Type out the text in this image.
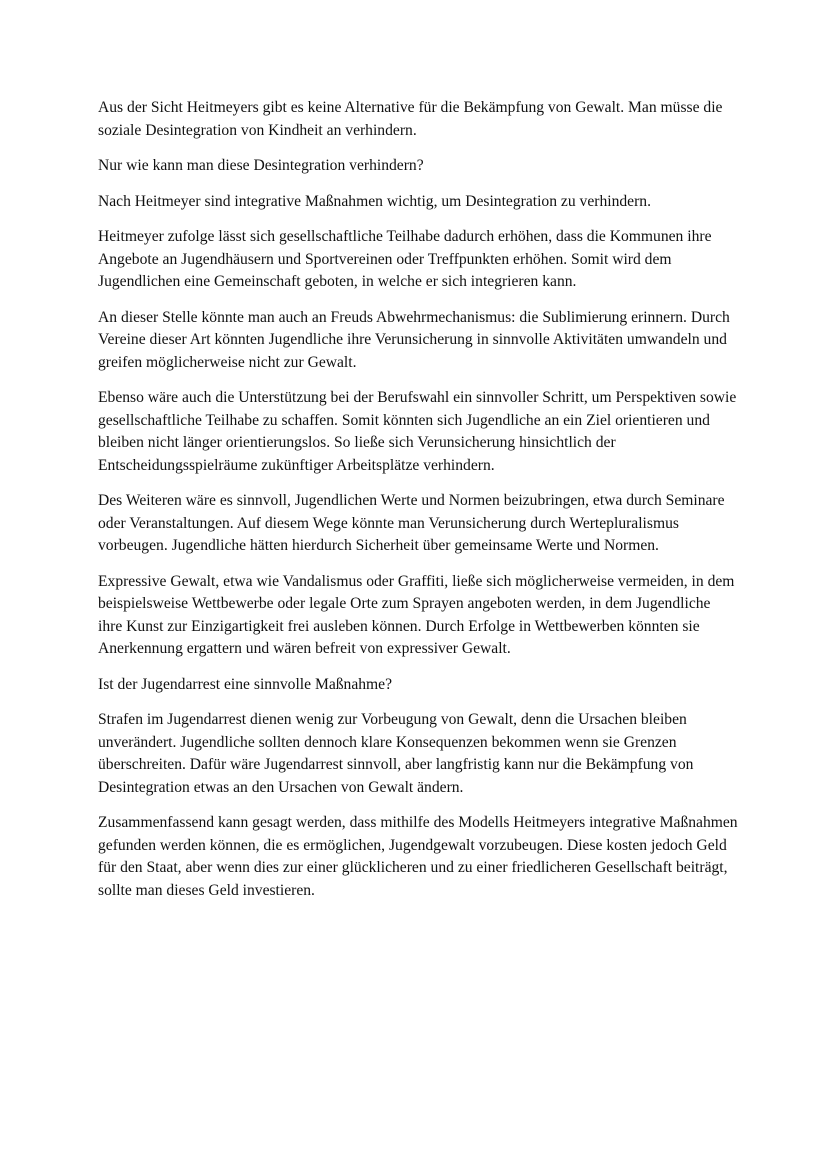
Aus der Sicht Heitmeyers gibt es keine Alternative für die Bekämpfung von Gewalt. Man müsse die soziale Desintegration von Kindheit an verhindern.

Nur wie kann man diese Desintegration verhindern?

Nach Heitmeyer sind integrative Maßnahmen wichtig, um Desintegration zu verhindern.

Heitmeyer zufolge lässt sich gesellschaftliche Teilhabe dadurch erhöhen, dass die Kommunen ihre Angebote an Jugendhäusern und Sportvereinen oder Treffpunkten erhöhen. Somit wird dem Jugendlichen eine Gemeinschaft geboten, in welche er sich integrieren kann.

An dieser Stelle könnte man auch an Freuds Abwehrmechanismus: die Sublimierung erinnern. Durch Vereine dieser Art könnten Jugendliche ihre Verunsicherung in sinnvolle Aktivitäten umwandeln und greifen möglicherweise nicht zur Gewalt.

Ebenso wäre auch die Unterstützung bei der Berufswahl ein sinnvoller Schritt, um Perspektiven sowie gesellschaftliche Teilhabe zu schaffen. Somit könnten sich Jugendliche an ein Ziel orientieren und bleiben nicht länger orientierungslos. So ließe sich Verunsicherung hinsichtlich der Entscheidungsspielräume zukünftiger Arbeitsplätze verhindern.

Des Weiteren wäre es sinnvoll, Jugendlichen Werte und Normen beizubringen, etwa durch Seminare oder Veranstaltungen. Auf diesem Wege könnte man Verunsicherung durch Wertepluralismus vorbeugen. Jugendliche hätten hierdurch Sicherheit über gemeinsame Werte und Normen.

Expressive Gewalt, etwa wie Vandalismus oder Graffiti, ließe sich möglicherweise vermeiden, in dem beispielsweise Wettbewerbe oder legale Orte zum Sprayen angeboten werden, in dem Jugendliche ihre Kunst zur Einzigartigkeit frei ausleben können. Durch Erfolge in Wettbewerben könnten sie Anerkennung ergattern und wären befreit von expressiver Gewalt.

Ist der Jugendarrest eine sinnvolle Maßnahme?

Strafen im Jugendarrest dienen wenig zur Vorbeugung von Gewalt, denn die Ursachen bleiben unverändert. Jugendliche sollten dennoch klare Konsequenzen bekommen wenn sie Grenzen überschreiten. Dafür wäre Jugendarrest sinnvoll, aber langfristig kann nur die Bekämpfung von Desintegration etwas an den Ursachen von Gewalt ändern.

Zusammenfassend kann gesagt werden, dass mithilfe des Modells Heitmeyers integrative Maßnahmen gefunden werden können, die es ermöglichen, Jugendgewalt vorzubeugen. Diese kosten jedoch Geld für den Staat, aber wenn dies zur einer glücklicheren und zu einer friedlicheren Gesellschaft beiträgt, sollte man dieses Geld investieren.
